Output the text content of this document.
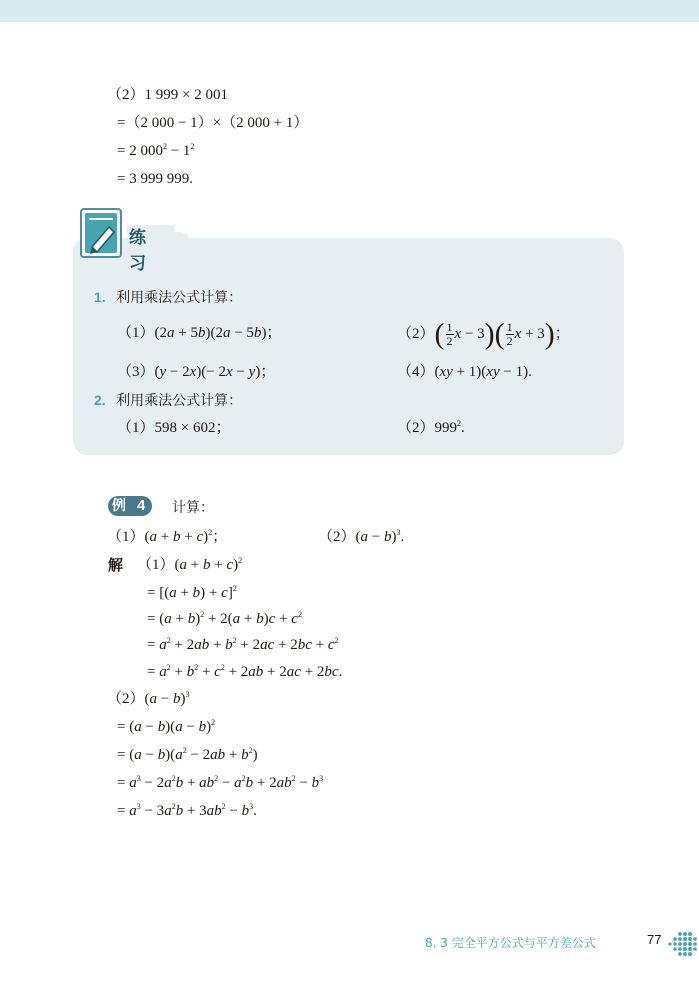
（2）1 999 × 2 001
=（2 000 − 1）×（2 000 + 1）
= 2 $000^2 - 1^2$
= 3 999 999.
练 习
1. 利用乘法公式计算：
（1）(2a + 5b)(2a − 5b)；	$(2)( \frac{1}{2}$ $x - 3)( \frac{1}{2}$ x + 3)；
（3）(y − 2x)(− 2x − y)；	（4）(xy + 1)(xy − 1).
2. 利用乘法公式计算：
（1）598 × 602；	$(2)999^2$.
例 4 计算：
$(1)(a + b + c)^2$；	$(2)(a - b)^3$.
解 $(1)(a + b + c)^2$
= $[(a + b) + c]^2$
= $(a + b)^2 + 2(a + b)c + c^2$
= $a^2 + 2ab + b^2 + 2ac + 2bc + c^2$
= $a^2 + b^2 + c^2 + 2ab + 2ac + 2bc$.
$(2)(a - b)^3$
= $(a - b)(a - b)^2$
= $(a - b)(a^2 - 2ab + b^2)$
= $a^3 - 2a^2b + ab^2 - a^2b + 2ab^2 - b^3$
= $a^3 - 3a^2b + 3ab^2 - b^3$.
8. 3 完全平方公式与平方差公式	77
